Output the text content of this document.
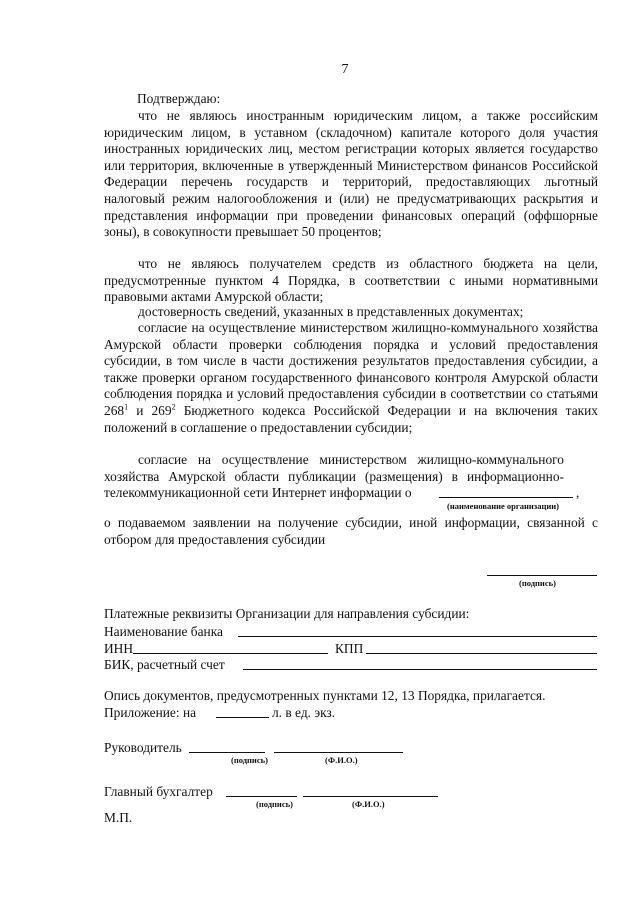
7
Подтверждаю:
что не являюсь иностранным юридическим лицом, а также российским юридическим лицом, в уставном (складочном) капитале которого доля участия иностранных юридических лиц, местом регистрации которых является государство или территория, включенные в утвержденный Министерством финансов Российской Федерации перечень государств и территорий, предоставляющих льготный налоговый режим налогообложения и (или) не предусматривающих раскрытия и представления информации при проведении финансовых операций (оффшорные зоны), в совокупности превышает 50 процентов;
что не являюсь получателем средств из областного бюджета на цели, предусмотренные пунктом 4 Порядка, в соответствии с иными нормативными правовыми актами Амурской области;
достоверность сведений, указанных в представленных документах;
согласие на осуществление министерством жилищно-коммунального хозяйства Амурской области проверки соблюдения порядка и условий предоставления субсидии, в том числе в части достижения результатов предоставления субсидии, а также проверки органом государственного финансового контроля Амурской области соблюдения порядка и условий предоставления субсидии в соответствии со статьями $268^1$ и $269^2$ Бюджетного кодекса Российской Федерации и на включения таких положений в соглашение о предоставлении субсидии;
согласие на осуществление министерством жилищно-коммунального хозяйства Амурской области публикации (размещения) в информационно-телекоммуникационной сети Интернет информации о	,
(наименование организации)
о подаваемом заявлении на получение субсидии, иной информации, связанной с отбором для предоставления субсидии
(подпись)
Платежные реквизиты Организации для направления субсидии:
Наименование банка
ИНН	КПП
БИК, расчетный счет
Опись документов, предусмотренных пунктами 12, 13 Порядка, прилагается.
Приложение: на	л. в ед. экз.
Руководитель
(подпись)	(Ф.И.О.)
Главный бухгалтер
(подпись)	(Ф.И.О.)
М.П.
